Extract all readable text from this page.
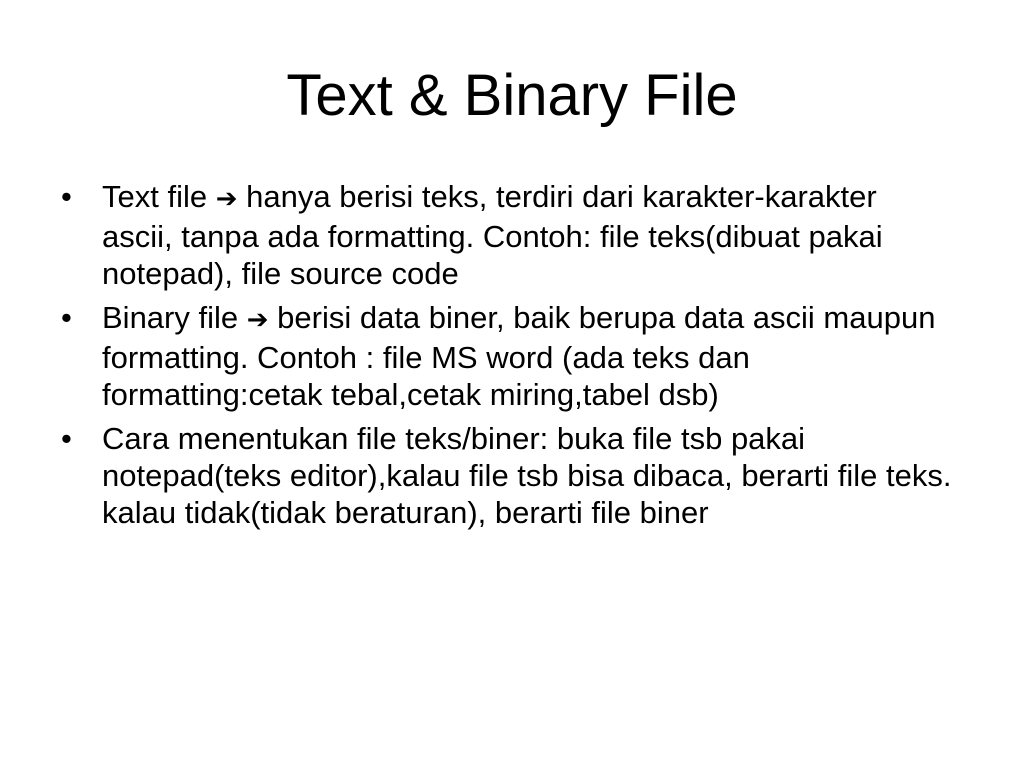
Text & Binary File
• Text file ➔ hanya berisi teks, terdiri dari karakter-karakter ascii, tanpa ada formatting. Contoh: file teks(dibuat pakai notepad), file source code
• Binary file ➔ berisi data biner, baik berupa data ascii maupun formatting. Contoh : file MS word (ada teks dan formatting:cetak tebal,cetak miring,tabel dsb)
• Cara menentukan file teks/biner: buka file tsb pakai notepad(teks editor),kalau file tsb bisa dibaca, berarti file teks. kalau tidak(tidak beraturan), berarti file biner
